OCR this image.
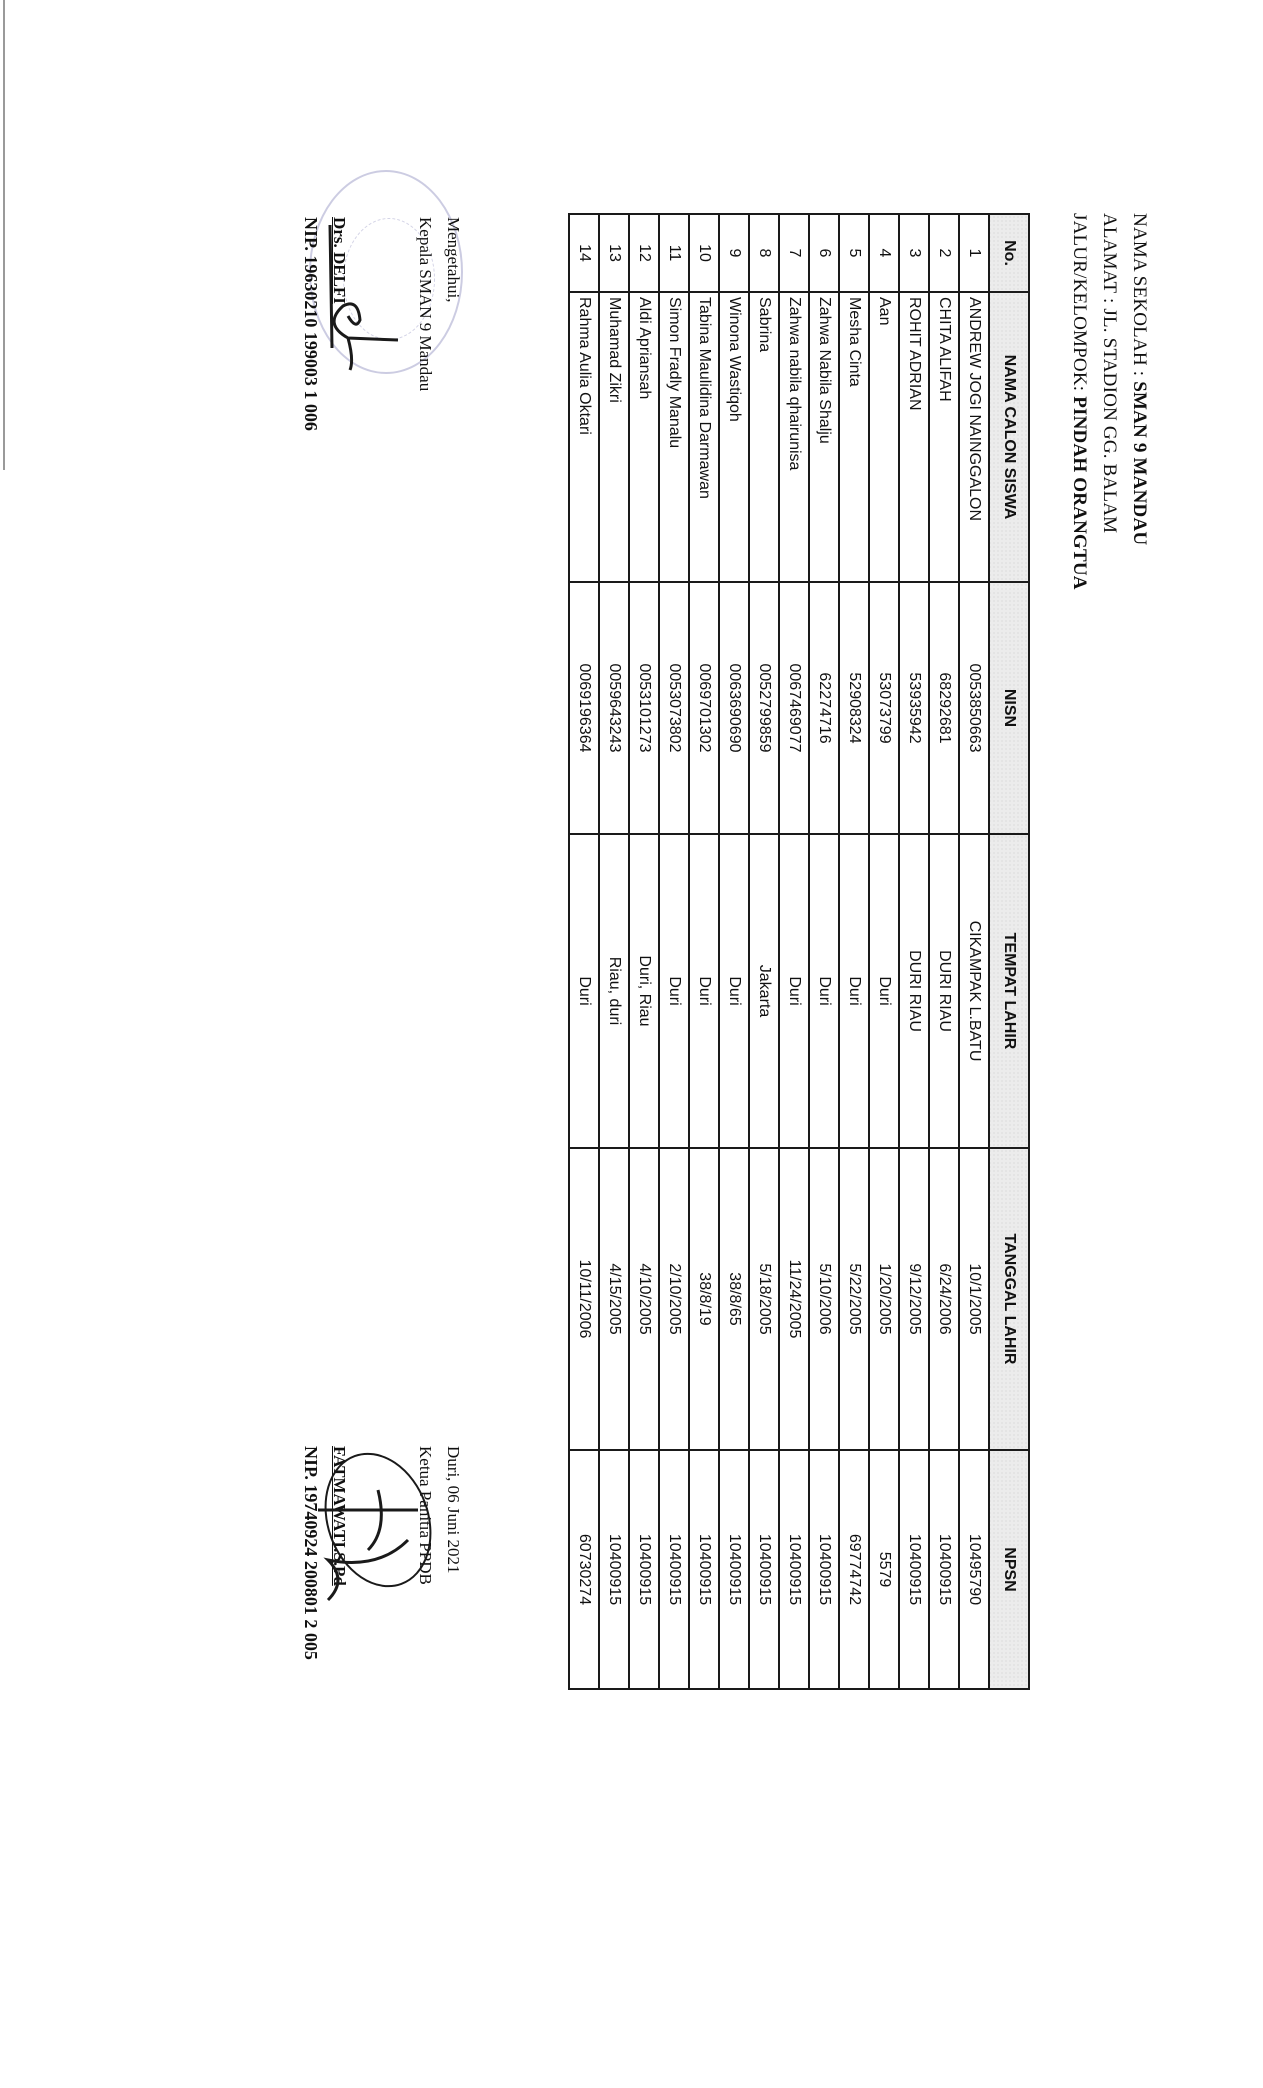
NAMA SEKOLAH : SMAN 9 MANDAU
ALAMAT : JL. STADION GG. BALAM
JALUR/KELOMPOK: PINDAH ORANGTUA
No.	NAMA CALON SISWA	NISN	TEMPAT LAHIR	TANGGAL LAHIR	NPSN
1	ANDREW JOGI NAINGGALON	0053850663	CIKAMPAK L.BATU	10/1/2005	10495790
2	CHITA ALIFAH	68292681	DURI RIAU	6/24/2006	10400915
3	ROHIT ADRIAN	53935942	DURI RIAU	9/12/2005	10400915
4	Aan	53073799	Duri	1/20/2005	5579
5	Mesha Cinta	52908324	Duri	5/22/2005	69774742
6	Zahwa Nabila Shalju	62274716	Duri	5/10/2006	10400915
7	Zahwa nabila qhairunisa	0067469077	Duri	11/24/2005	10400915
8	Sabrina	0052799859	Jakarta	5/18/2005	10400915
9	Winona Wastiqoh	0063690690	Duri	38/8/65	10400915
10	Tabina Maulidina Darmawan	0069701302	Duri	38/8/19	10400915
11	Simon Fradly Manalu	0053073802	Duri	2/10/2005	10400915
12	Aldi Apriansah	0053101273	Duri, Riau	4/10/2005	10400915
13	Muhamad Zikri	0059643243	Riau, duri	4/15/2005	10400915
14	Rahma Aulia Oktari	0069196364	Duri	10/11/2006	60730274
Mengetahui,
Kepala SMAN 9 Mandau
Drs. DELFI
NIP. 19630210 199003 1 006
Duri, 06 Juni 2021
Ketua Panitia PPDB
FATMAWATI.S.Pd
NIP. 19740924 200801 2 005
